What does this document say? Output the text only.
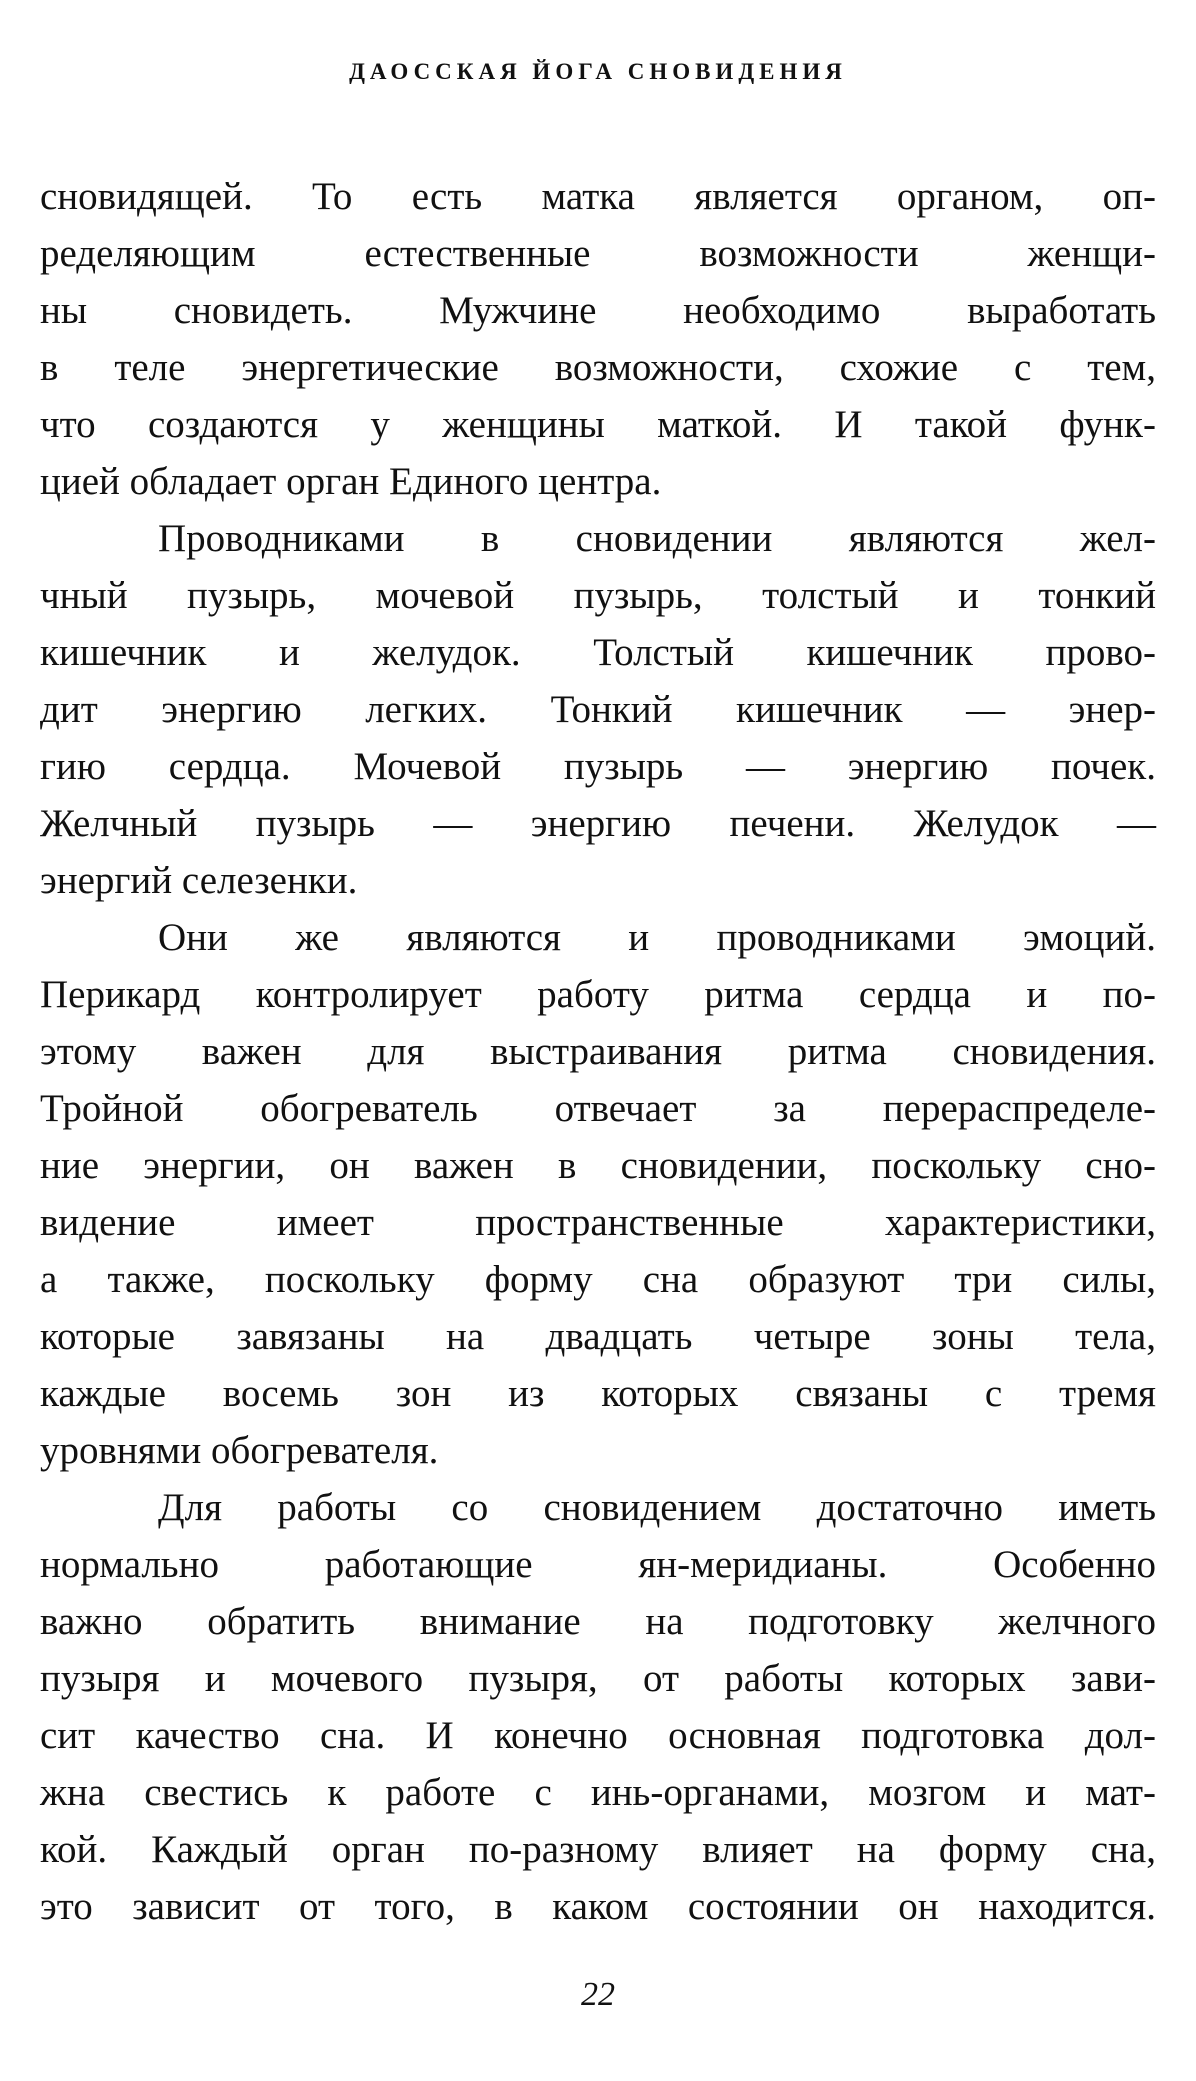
ДАОССКАЯ ЙОГА СНОВИДЕНИЯ
сновидящей. То есть матка является органом, оп-
ределяющим естественные возможности женщи-
ны сновидеть. Мужчине необходимо выработать
в теле энергетические возможности, схожие с тем,
что создаются у женщины маткой. И такой функ-
цией обладает орган Единого центра.
Проводниками в сновидении являются жел-
чный пузырь, мочевой пузырь, толстый и тонкий
кишечник и желудок. Толстый кишечник прово-
дит энергию легких. Тонкий кишечник — энер-
гию сердца. Мочевой пузырь — энергию почек.
Желчный пузырь — энергию печени. Желудок —
энергий селезенки.
Они же являются и проводниками эмоций.
Перикард контролирует работу ритма сердца и по-
этому важен для выстраивания ритма сновидения.
Тройной обогреватель отвечает за перераспределе-
ние энергии, он важен в сновидении, поскольку сно-
видение имеет пространственные характеристики,
а также, поскольку форму сна образуют три силы,
которые завязаны на двадцать четыре зоны тела,
каждые восемь зон из которых связаны с тремя
уровнями обогревателя.
Для работы со сновидением достаточно иметь
нормально работающие ян-меридианы. Особенно
важно обратить внимание на подготовку желчного
пузыря и мочевого пузыря, от работы которых зави-
сит качество сна. И конечно основная подготовка дол-
жна свестись к работе с инь-органами, мозгом и мат-
кой. Каждый орган по-разному влияет на форму сна,
это зависит от того, в каком состоянии он находится.
22
